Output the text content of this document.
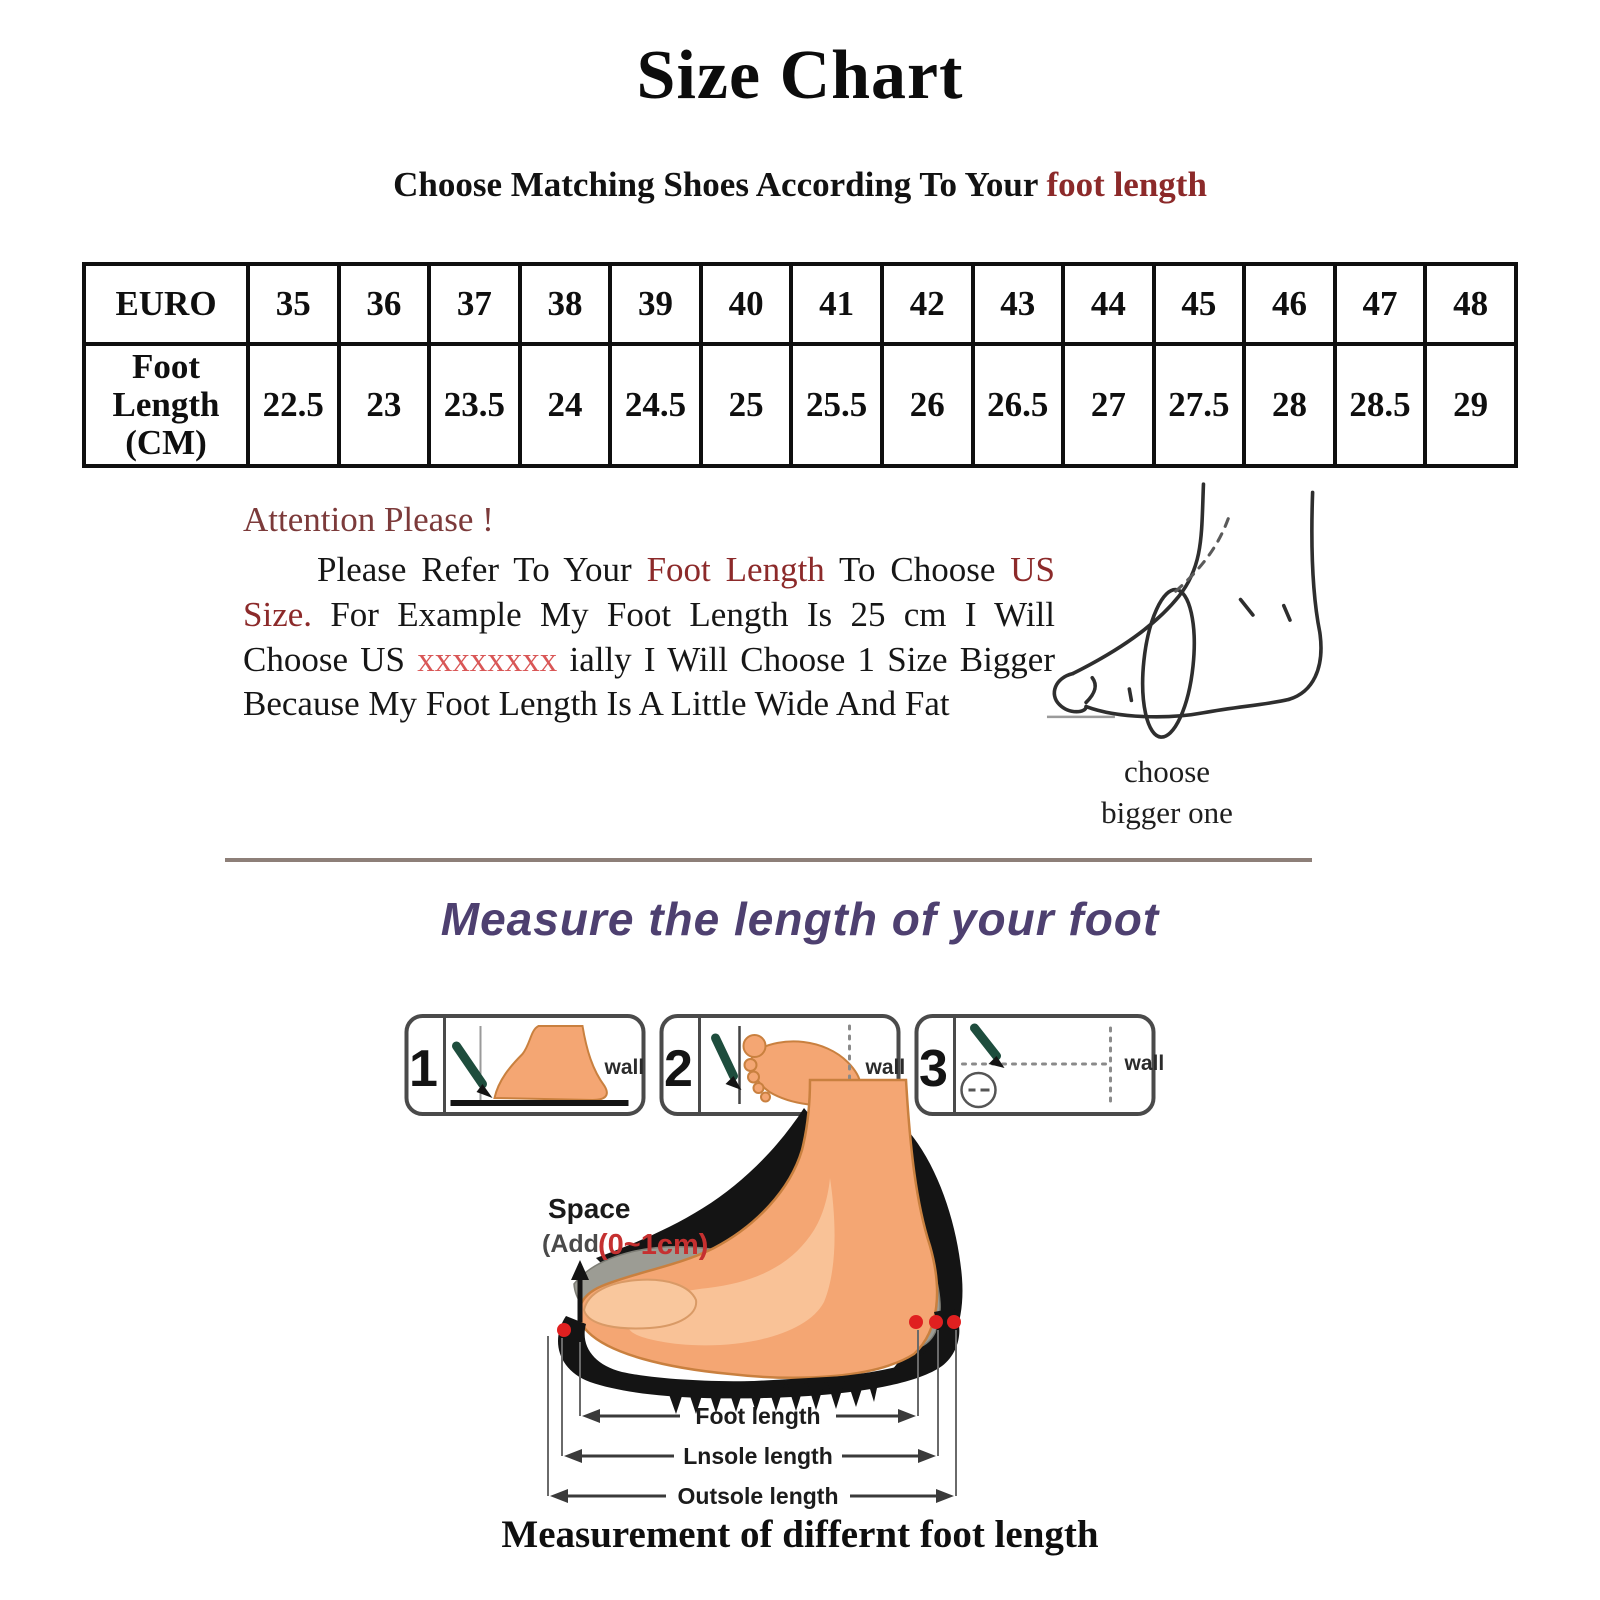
Size Chart
Choose Matching Shoes According To Your foot length
EURO	35	36	37	38	39	40	41	42	43	44	45	46	47	48

Foot
Length
(CM)	22.5	23	23.5	24	24.5	25	25.5	26	26.5	27	27.5	28	28.5	29
Attention Please !

Please Refer To Your Foot Length To Choose US Size. For Example My Foot Length Is 25 cm I Will Choose US xxxxxxxx ially I Will Choose 1 Size Bigger Because My Foot Length Is A Little Wide And Fat

choose
bigger one
Measure the length of your foot
1	wall 2	wall 3	wall
Space
(Add (0~1cm)
Foot length
Lnsole length
Outsole length
Measurement of differnt foot length
